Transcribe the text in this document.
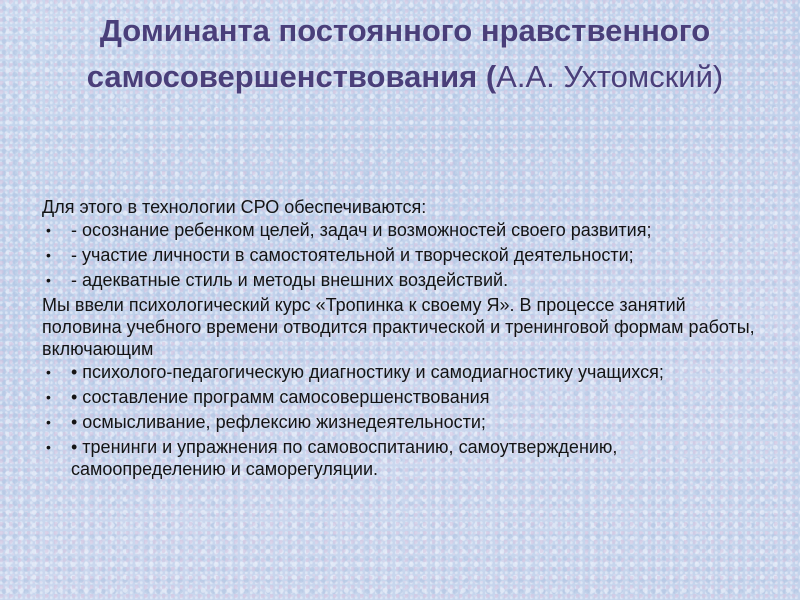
Доминанта постоянного нравственного самосовершенствования (А.А. Ухтомский)

Для этого в технологии СРО обеспечиваются:

• - осознание ребенком целей, задач и возможностей своего развития;
• - участие личности в самостоятельной и творческой деятельности;
• - адекватные стиль и методы внешних воздействий.

Мы ввели психологический курс «Тропинка к своему Я». В процессе занятий половина учебного времени отводится практической и тренинговой формам работы, включающим

• • психолого-педагогическую диагностику и самодиагностику учащихся;
• • составление программ самосовершенствования
• • осмысливание, рефлексию жизнедеятельности;
• • тренинги и упражнения по самовоспитанию, самоутверждению, самоопределению и саморегуляции.
